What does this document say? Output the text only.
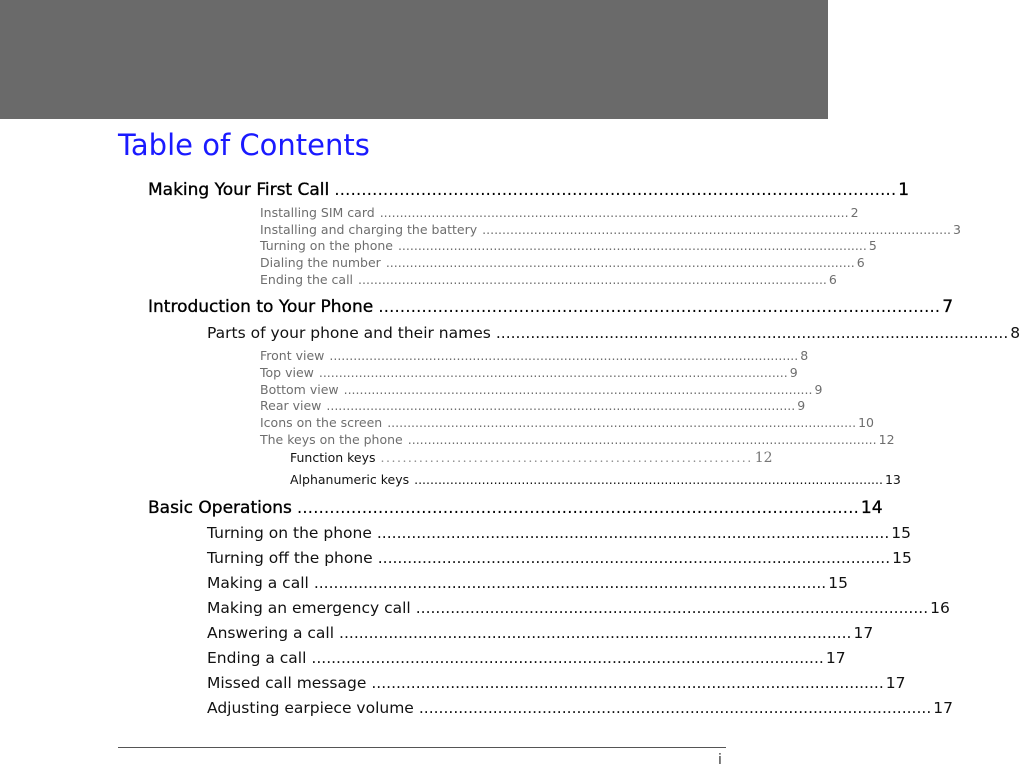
Table of Contents
Making Your First Call ........................................................................................................ 1
Installing SIM card ...................................................................................................................... 2
Installing and charging the battery ...................................................................................................................... 3
Turning on the phone ...................................................................................................................... 5
Dialing the number ...................................................................................................................... 6
Ending the call ...................................................................................................................... 6
Introduction to Your Phone ........................................................................................................ 7
Parts of your phone and their names ........................................................................................................ 8
Front view ...................................................................................................................... 8
Top view ...................................................................................................................... 9
Bottom view ...................................................................................................................... 9
Rear view ...................................................................................................................... 9
Icons on the screen ...................................................................................................................... 10
The keys on the phone ...................................................................................................................... 12
Function keys .................................................................... 12
Alphanumeric keys ...................................................................................................................... 13
Basic Operations ........................................................................................................ 14
Turning on the phone ........................................................................................................ 15
Turning off the phone ........................................................................................................ 15
Making a call ........................................................................................................ 15
Making an emergency call ........................................................................................................ 16
Answering a call ........................................................................................................ 17
Ending a call ........................................................................................................ 17
Missed call message ........................................................................................................ 17
Adjusting earpiece volume ........................................................................................................ 17
i
